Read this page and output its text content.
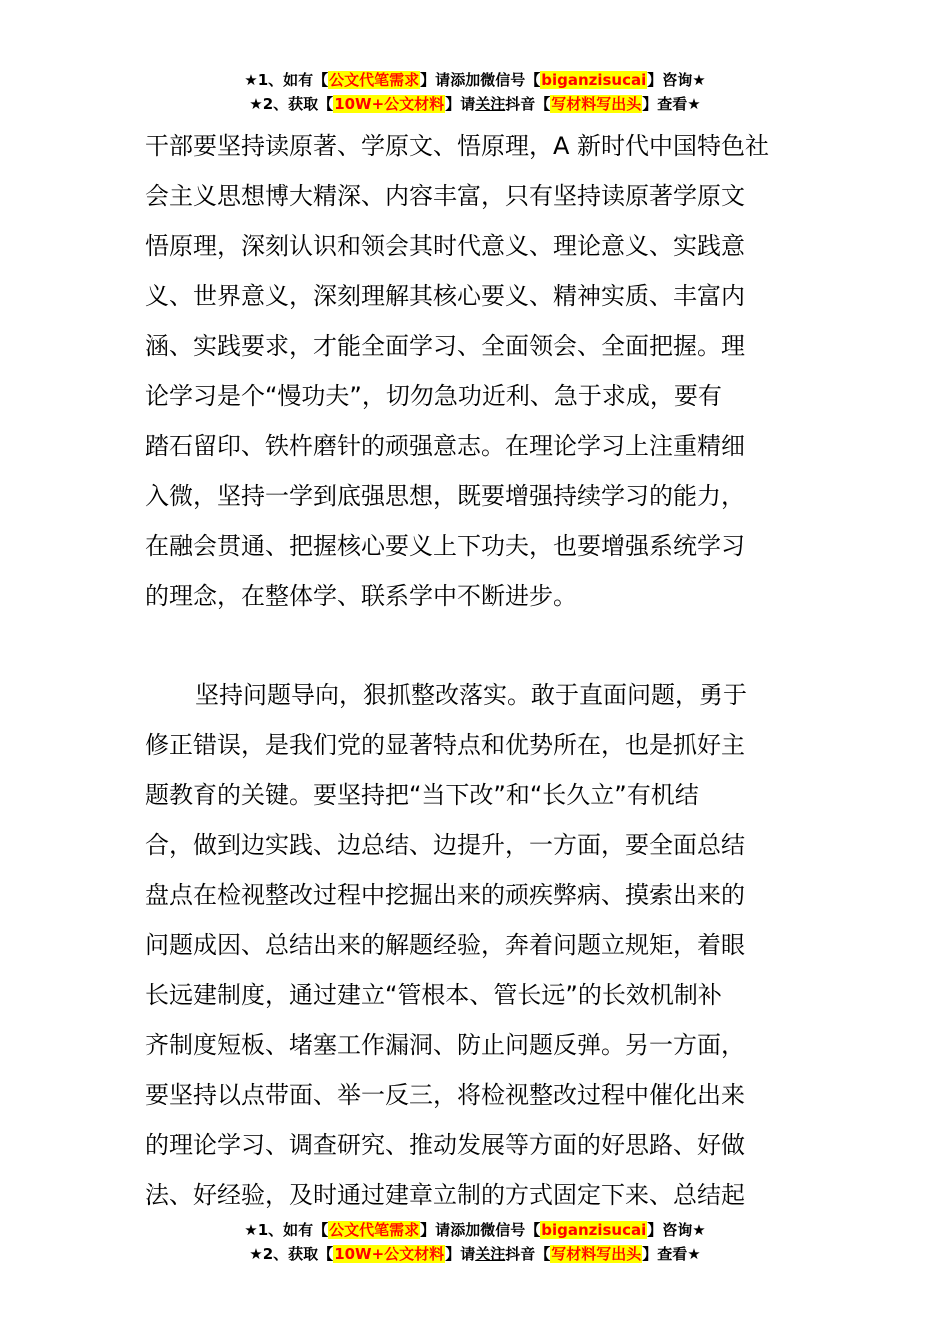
★1、如有【公文代笔需求】请添加微信号【biganzisucai】咨询★
★2、获取【10W+公文材料】请关注抖音【写材料写出头】查看★
干部要坚持读原著、学原文、悟原理，A 新时代中国特色社
会主义思想博大精深、内容丰富，只有坚持读原著学原文
悟原理，深刻认识和领会其时代意义、理论意义、实践意
义、世界意义，深刻理解其核心要义、精神实质、丰富内
涵、实践要求，才能全面学习、全面领会、全面把握。理
论学习是个“慢功夫”，切勿急功近利、急于求成，要有
踏石留印、铁杵磨针的顽强意志。在理论学习上注重精细
入微，坚持一学到底强思想，既要增强持续学习的能力，
在融会贯通、把握核心要义上下功夫，也要增强系统学习
的理念，在整体学、联系学中不断进步。
坚持问题导向，狠抓整改落实。敢于直面问题，勇于
修正错误，是我们党的显著特点和优势所在，也是抓好主
题教育的关键。要坚持把“当下改”和“长久立”有机结
合，做到边实践、边总结、边提升，一方面，要全面总结
盘点在检视整改过程中挖掘出来的顽疾弊病、摸索出来的
问题成因、总结出来的解题经验，奔着问题立规矩，着眼
长远建制度，通过建立“管根本、管长远”的长效机制补
齐制度短板、堵塞工作漏洞、防止问题反弹。另一方面，
要坚持以点带面、举一反三，将检视整改过程中催化出来
的理论学习、调查研究、推动发展等方面的好思路、好做
法、好经验，及时通过建章立制的方式固定下来、总结起
★1、如有【公文代笔需求】请添加微信号【biganzisucai】咨询★
★2、获取【10W+公文材料】请关注抖音【写材料写出头】查看★
